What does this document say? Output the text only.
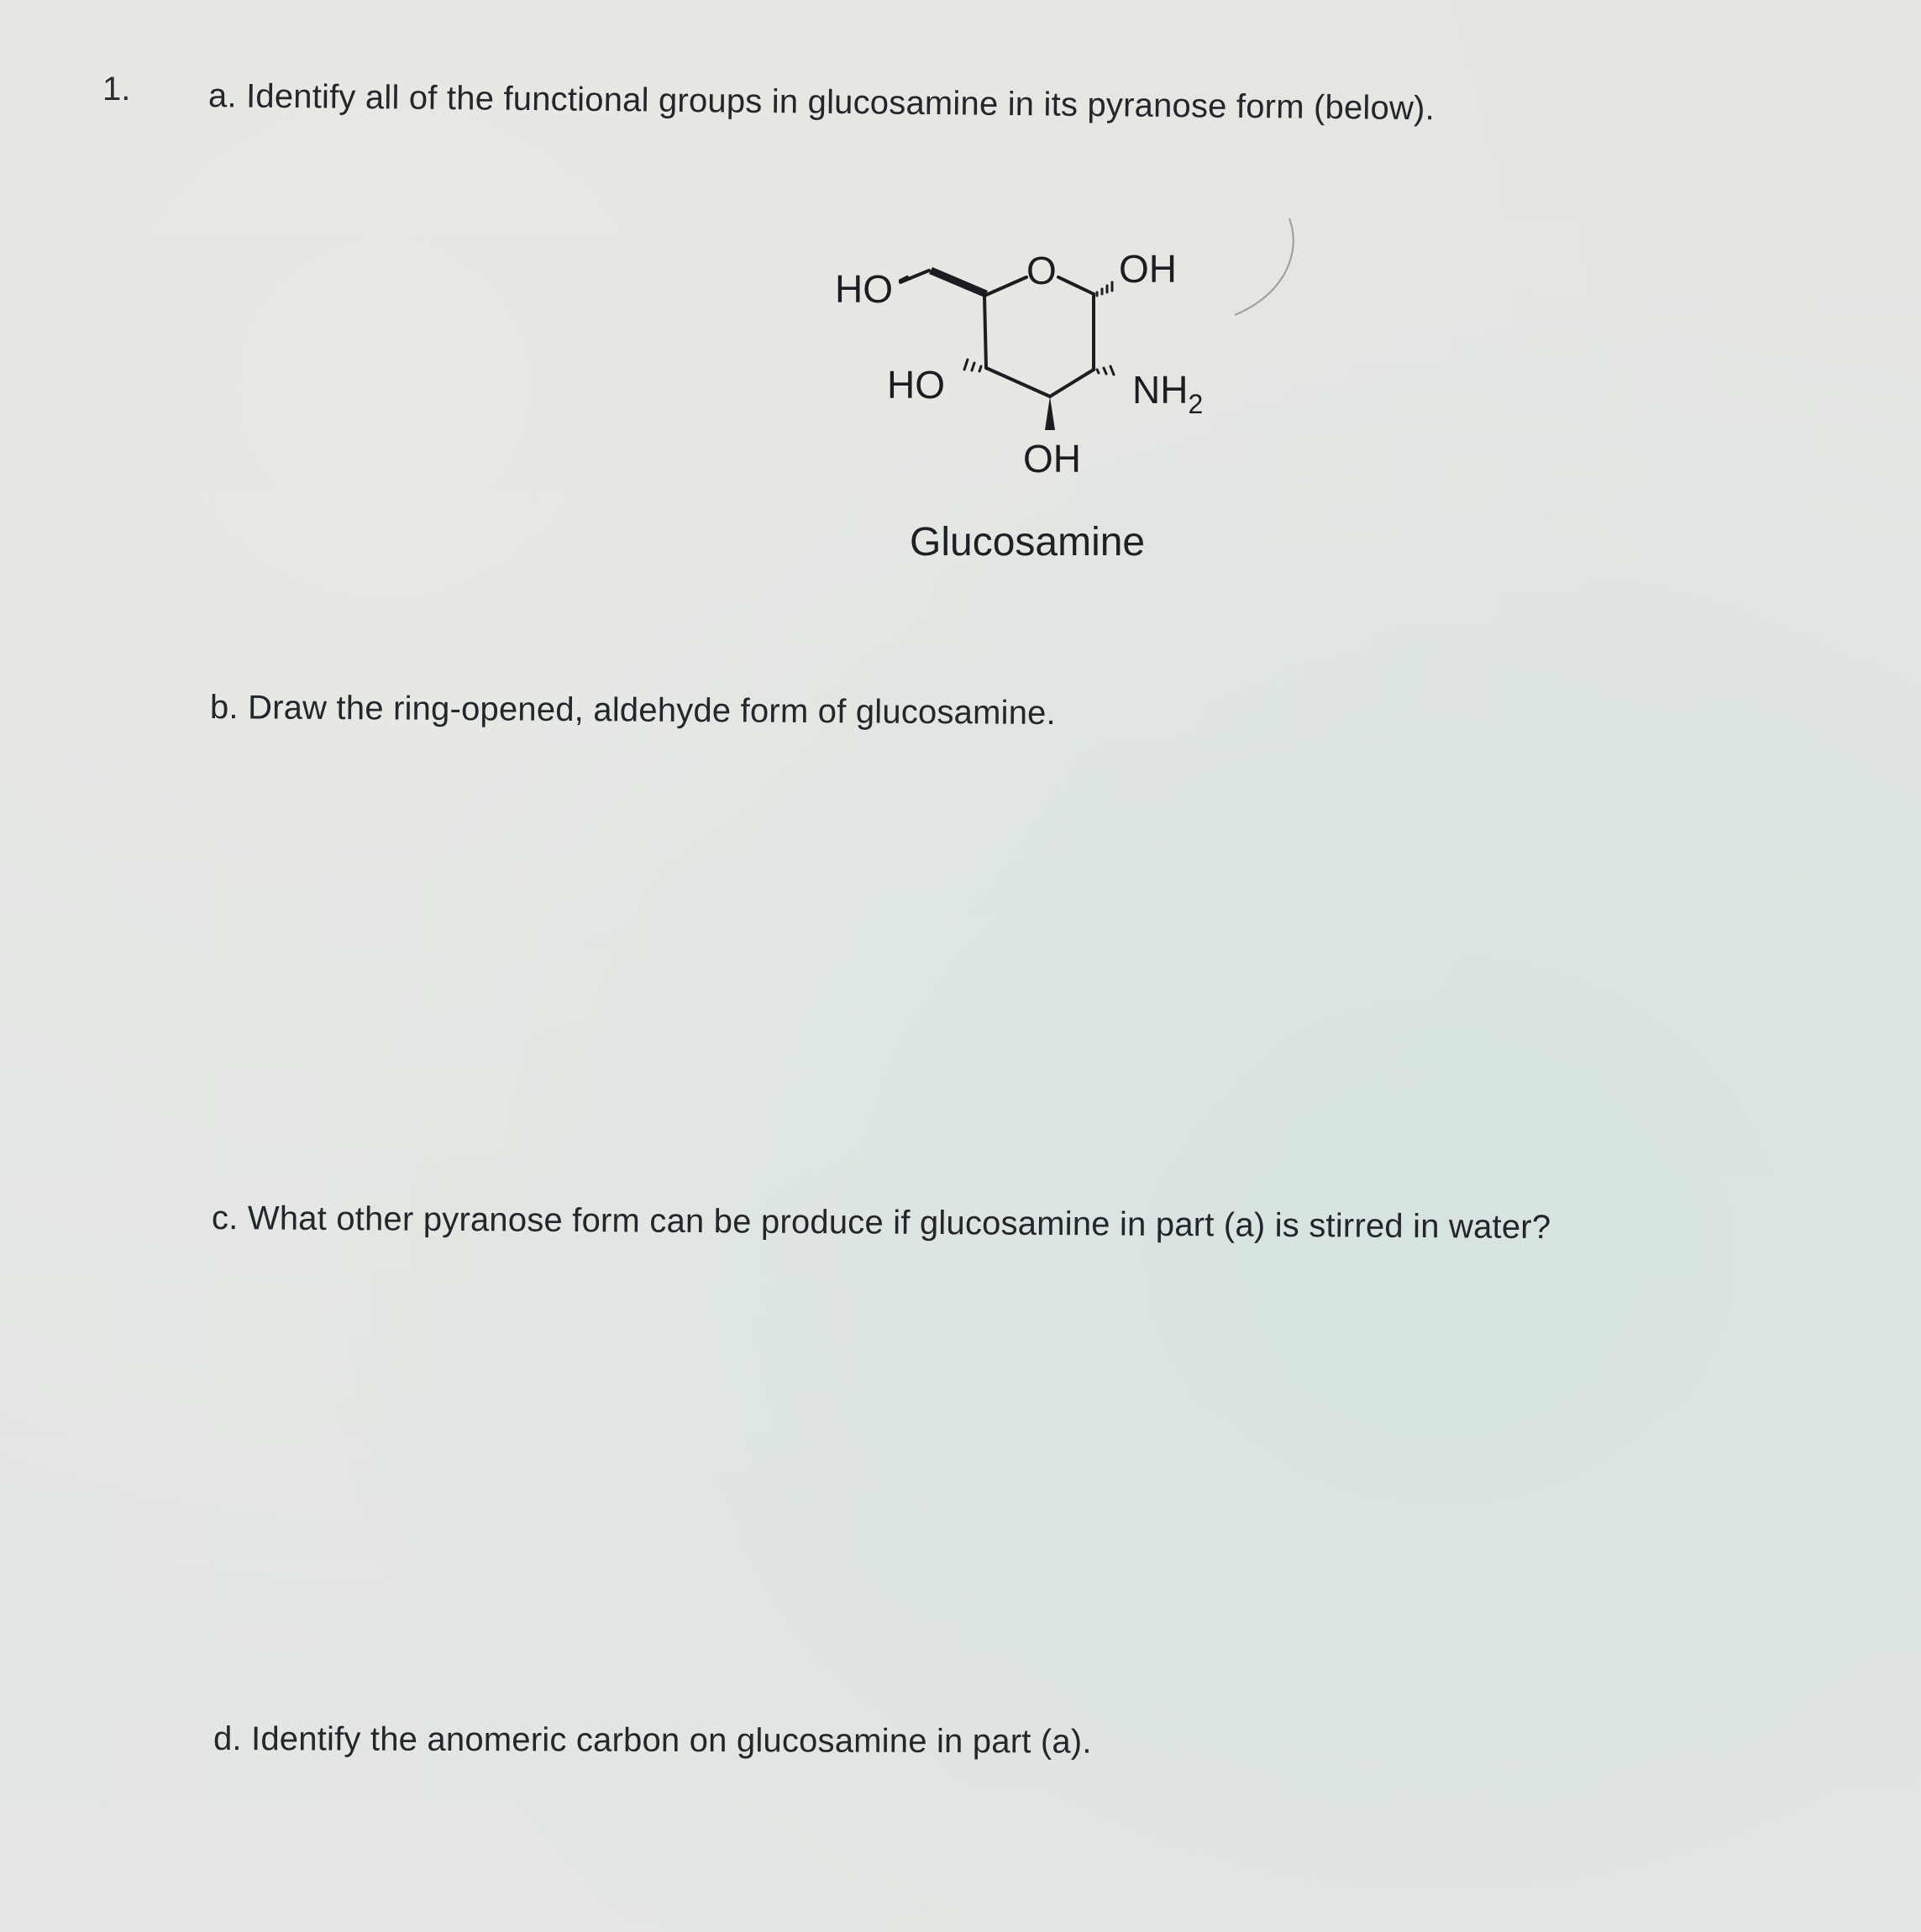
1. a. Identify all of the functional groups in glucosamine in its pyranose form (below).
HO	O OH
HO	$NH_2$
OH
Glucosamine
b. Draw the ring-opened, aldehyde form of glucosamine.
c. What other pyranose form can be produce if glucosamine in part (a) is stirred in water?
d. Identify the anomeric carbon on glucosamine in part (a).
